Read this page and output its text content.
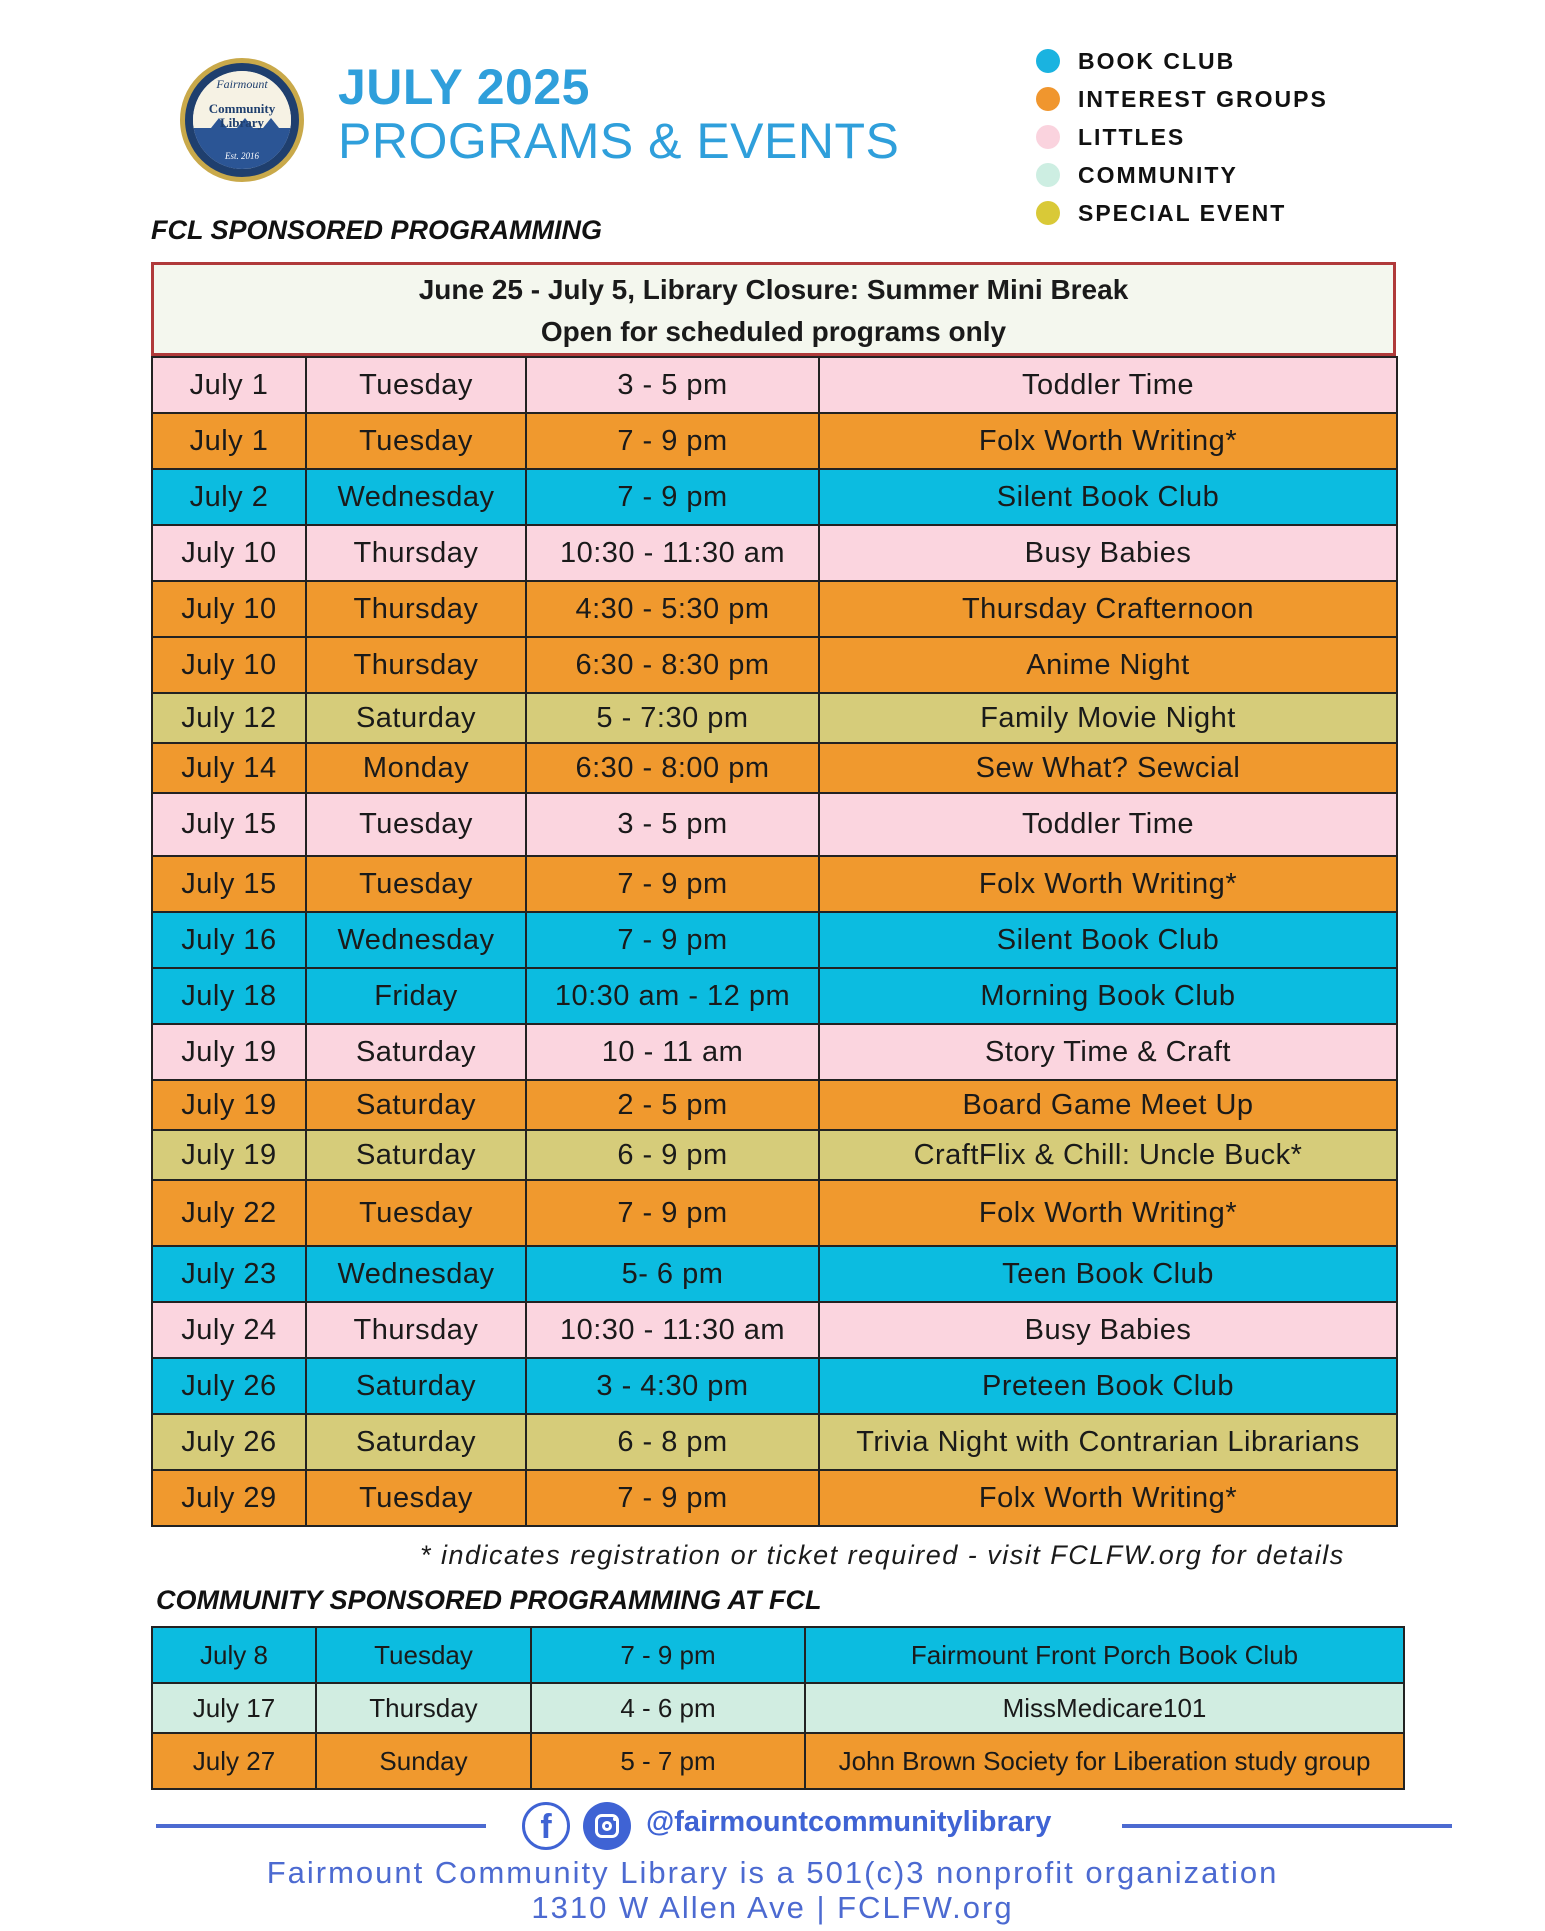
Fairmount
Community
Library
Est. 2016
JULY 2025
PROGRAMS & EVENTS
BOOK CLUB
INTEREST GROUPS
LITTLES
COMMUNITY
SPECIAL EVENT
FCL SPONSORED PROGRAMMING
June 25 - July 5, Library Closure: Summer Mini Break
Open for scheduled programs only
July 1	Tuesday	3 - 5 pm	Toddler Time
July 1	Tuesday	7 - 9 pm	Folx Worth Writing*
July 2	Wednesday	7 - 9 pm	Silent Book Club
July 10	Thursday	10:30 - 11:30 am	Busy Babies
July 10	Thursday	4:30 - 5:30 pm	Thursday Crafternoon
July 10	Thursday	6:30 - 8:30 pm	Anime Night
July 12	Saturday	5 - 7:30 pm	Family Movie Night
July 14	Monday	6:30 - 8:00 pm	Sew What? Sewcial
July 15	Tuesday	3 - 5 pm	Toddler Time
July 15	Tuesday	7 - 9 pm	Folx Worth Writing*
July 16	Wednesday	7 - 9 pm	Silent Book Club
July 18	Friday	10:30 am - 12 pm	Morning Book Club
July 19	Saturday	10 - 11 am	Story Time & Craft
July 19	Saturday	2 - 5 pm	Board Game Meet Up
July 19	Saturday	6 - 9 pm	CraftFlix & Chill: Uncle Buck*
July 22	Tuesday	7 - 9 pm	Folx Worth Writing*
July 23	Wednesday	5- 6 pm	Teen Book Club
July 24	Thursday	10:30 - 11:30 am	Busy Babies
July 26	Saturday	3 - 4:30 pm	Preteen Book Club
July 26	Saturday	6 - 8 pm	Trivia Night with Contrarian Librarians
July 29	Tuesday	7 - 9 pm	Folx Worth Writing*
* indicates registration or ticket required - visit FCLFW.org for details
COMMUNITY SPONSORED PROGRAMMING AT FCL
July 8	Tuesday	7 - 9 pm	Fairmount Front Porch Book Club
July 17	Thursday	4 - 6 pm	MissMedicare101
July 27	Sunday	5 - 7 pm	John Brown Society for Liberation study group
f	@fairmountcommunitylibrary
Fairmount Community Library is a 501(c)3 nonprofit organization
1310 W Allen Ave | FCLFW.org
